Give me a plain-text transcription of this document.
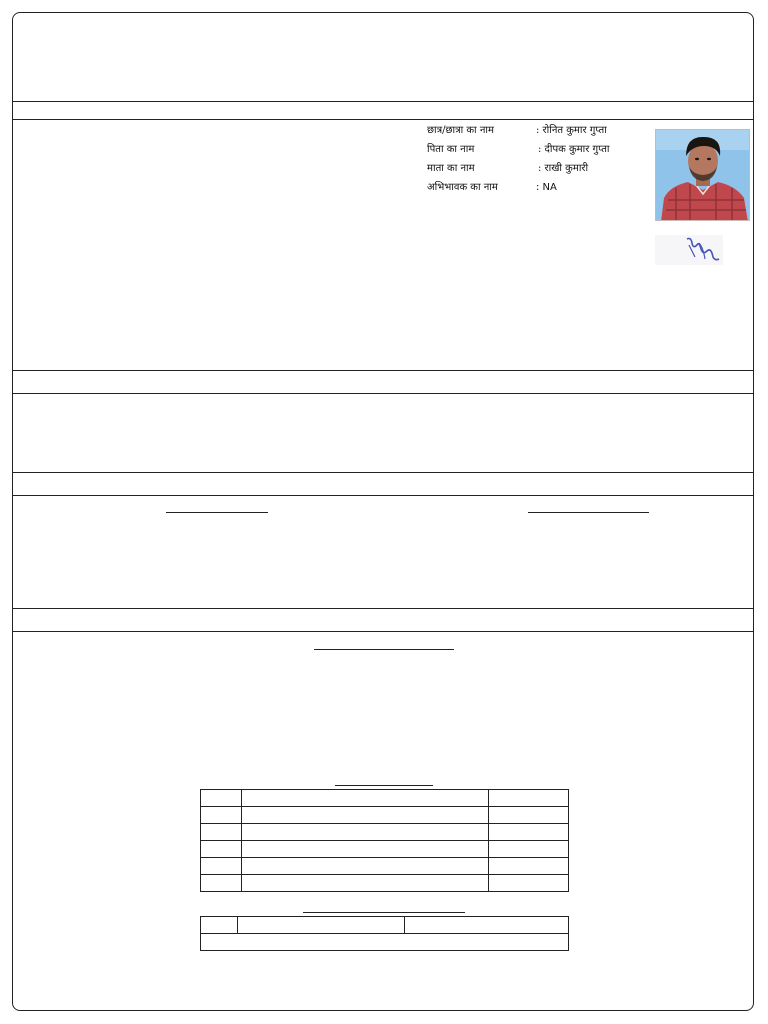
छात्र/छात्रा का नाम	: रोनित कुमार गुप्ता
पिता का नाम	: दीपक कुमार गुप्ता
माता का नाम	: राखी कुमारी
अभिभावक का नाम	: NA
